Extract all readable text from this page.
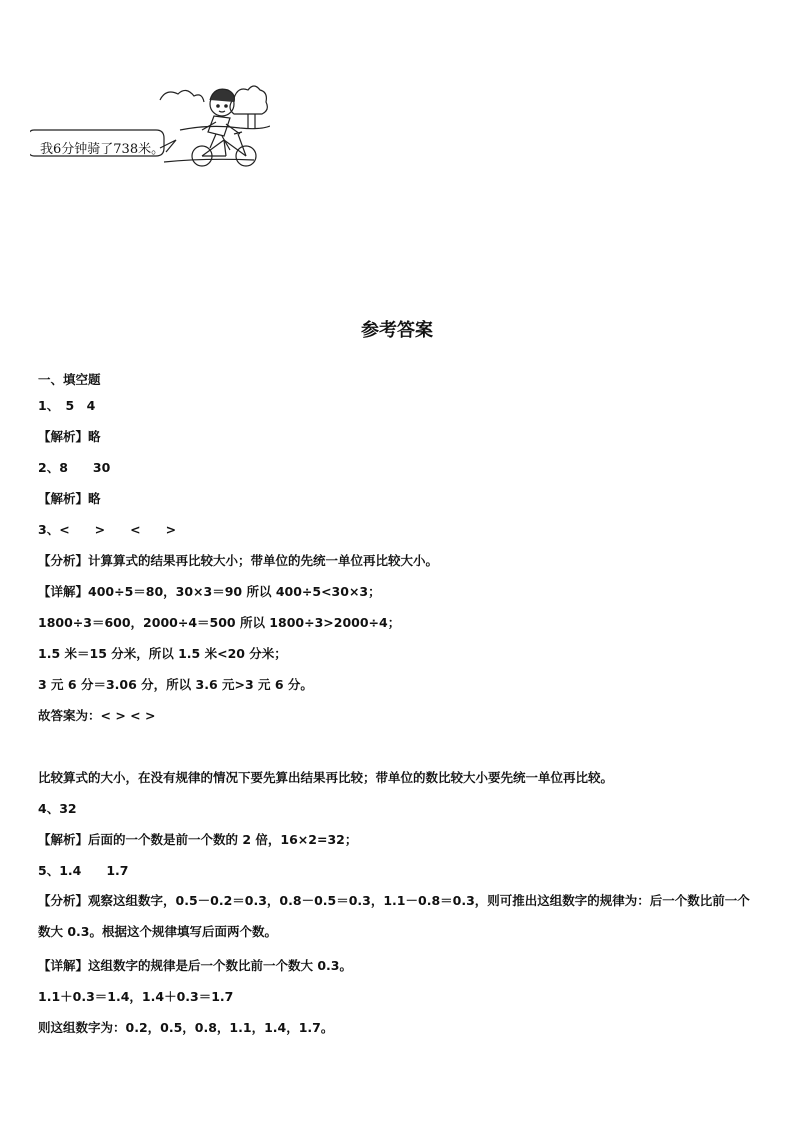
我6分钟骑了738米。
参考答案
一、填空题
1、　5　4
【解析】略
2、8　　30
【解析】略
3、<　　>　　<　　>
【分析】计算算式的结果再比较大小；带单位的先统一单位再比较大小。
【详解】400÷5＝80，30×3＝90 所以 400÷5<30×3；
1800÷3＝600，2000÷4＝500 所以 1800÷3>2000÷4；
1.5 米＝15 分米，所以 1.5 米<20 分米；
3 元 6 分＝3.06 分，所以 3.6 元>3 元 6 分。
故答案为：< > < >
比较算式的大小，在没有规律的情况下要先算出结果再比较；带单位的数比较大小要先统一单位再比较。
4、32
【解析】后面的一个数是前一个数的 2 倍，16×2=32；
5、1.4　　1.7
【分析】观察这组数字，0.5－0.2＝0.3，0.8－0.5＝0.3，1.1－0.8＝0.3，则可推出这组数字的规律为：后一个数比前一个数大 0.3。根据这个规律填写后面两个数。
【详解】这组数字的规律是后一个数比前一个数大 0.3。
1.1＋0.3＝1.4，1.4＋0.3＝1.7
则这组数字为：0.2，0.5，0.8，1.1，1.4，1.7。
